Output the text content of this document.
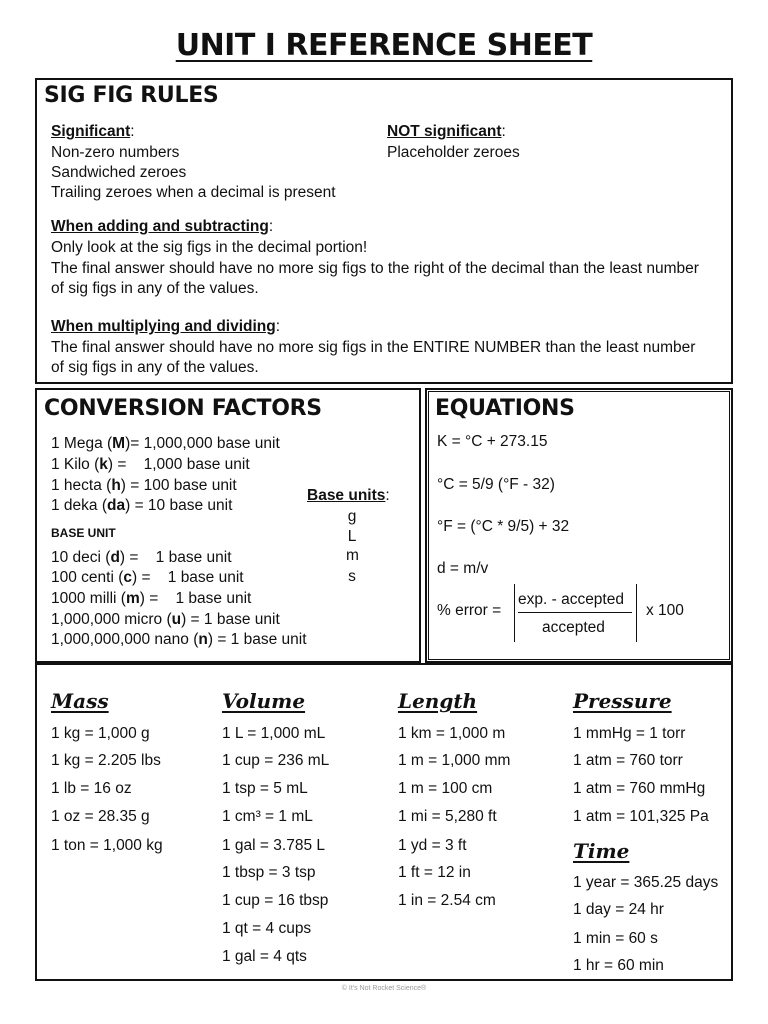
UNIT I REFERENCE SHEET
SIG FIG RULES
Significant:
Non-zero numbers
Sandwiched zeroes
Trailing zeroes when a decimal is present
NOT significant:
Placeholder zeroes
When adding and subtracting:
Only look at the sig figs in the decimal portion!
The final answer should have no more sig figs to the right of the decimal than the least number of sig figs in any of the values.
When multiplying and dividing:
The final answer should have no more sig figs in the ENTIRE NUMBER than the least number of sig figs in any of the values.
CONVERSION FACTORS
1 Mega (M)= 1,000,000 base unit
1 Kilo (k) =    1,000 base unit
1 hecta (h) = 100 base unit
1 deka (da) = 10 base unit
BASE UNIT
10 deci (d) =    1 base unit
100 centi (c) =    1 base unit
1000 milli (m) =    1 base unit
1,000,000 micro (u) = 1 base unit
1,000,000,000 nano (n) = 1 base unit
Base units:
g
L
m
s
EQUATIONS
K = °C + 273.15
°C = 5/9 (°F - 32)
°F = (°C * 9/5) + 32
d = m/v
% error =
exp. - accepted
accepted
x 100
Mass
1 kg = 1,000 g
1 kg = 2.205 lbs
1 lb = 16 oz
1 oz = 28.35 g
1 ton = 1,000 kg
Volume
1 L = 1,000 mL
1 cup = 236 mL
1 tsp = 5 mL
1 cm³ = 1 mL
1 gal = 3.785 L
1 tbsp = 3 tsp
1 cup = 16 tbsp
1 qt = 4 cups
1 gal = 4 qts
Length
1 km = 1,000 m
1 m = 1,000 mm
1 m = 100 cm
1 mi = 5,280 ft
1 yd = 3 ft
1 ft = 12 in
1 in = 2.54 cm
Pressure
1 mmHg = 1 torr
1 atm = 760 torr
1 atm = 760 mmHg
1 atm = 101,325 Pa
Time
1 year = 365.25 days
1 day = 24 hr
1 min = 60 s
1 hr = 60 min
© It's Not Rocket Science®
